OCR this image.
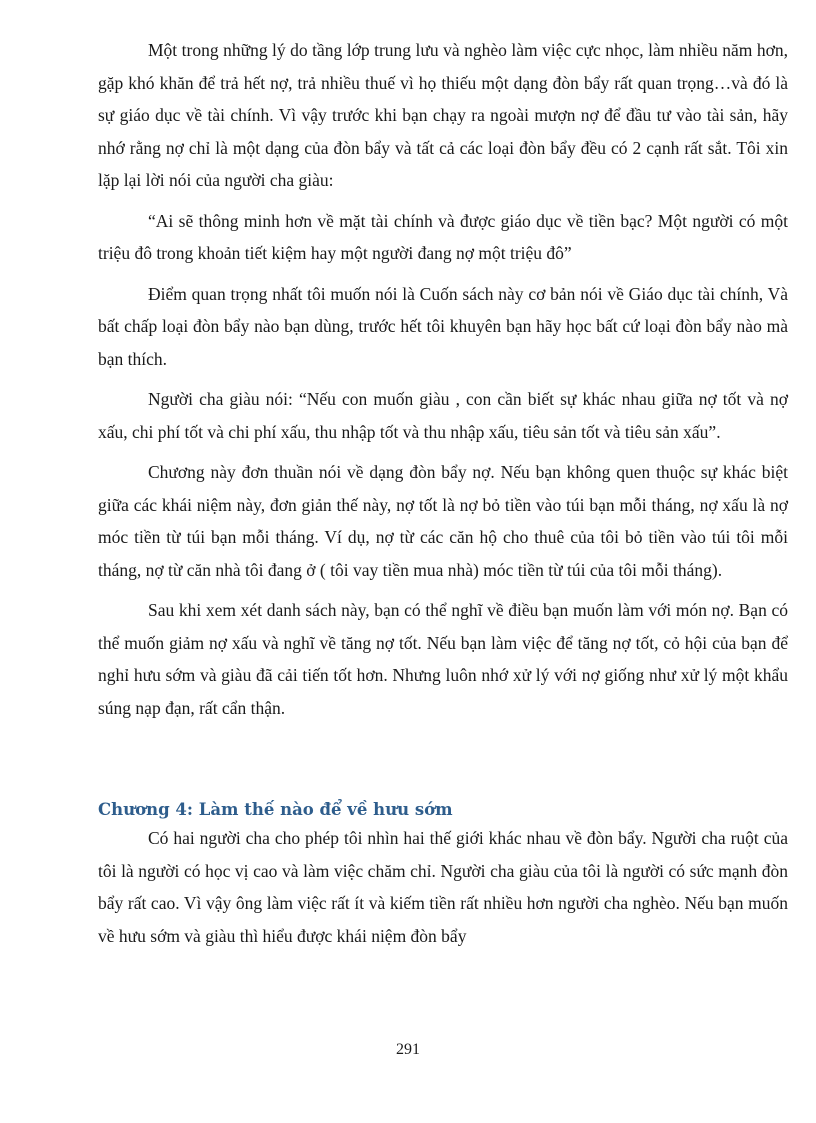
Một trong những lý do tầng lớp trung lưu và nghèo làm việc cực nhọc, làm nhiều năm hơn, gặp khó khăn để trả hết nợ, trả nhiều thuế vì họ thiếu một dạng đòn bẩy rất quan trọng…và đó là sự giáo dục về tài chính. Vì vậy trước khi bạn chạy ra ngoài mượn nợ để đầu tư vào tài sản, hãy nhớ rằng nợ chỉ là một dạng của đòn bẩy và tất cả các loại đòn bẩy đều có 2 cạnh rất sắt. Tôi xin lặp lại lời nói của người cha giàu:

“Ai sẽ thông minh hơn về mặt tài chính và được giáo dục về tiền bạc? Một người có một triệu đô trong khoản tiết kiệm hay một người đang nợ một triệu đô”

Điểm quan trọng nhất tôi muốn nói là Cuốn sách này cơ bản nói về Giáo dục tài chính, Và bất chấp loại đòn bẩy nào bạn dùng, trước hết tôi khuyên bạn hãy học bất cứ loại đòn bẩy nào mà bạn thích.

Người cha giàu nói: “Nếu con muốn giàu , con cần biết sự khác nhau giữa nợ tốt và nợ xấu, chi phí tốt và chi phí xấu, thu nhập tốt và thu nhập xấu, tiêu sản tốt và tiêu sản xấu”.

Chương này đơn thuần nói về dạng đòn bẩy nợ. Nếu bạn không quen thuộc sự khác biệt giữa các khái niệm này, đơn giản thế này, nợ tốt là nợ bỏ tiền vào túi bạn mỗi tháng, nợ xấu là nợ móc tiền từ túi bạn mỗi tháng. Ví dụ, nợ từ các căn hộ cho thuê của tôi bỏ tiền vào túi tôi mỗi tháng, nợ từ căn nhà tôi đang ở ( tôi vay tiền mua nhà) móc tiền từ túi của tôi mỗi tháng).

Sau khi xem xét danh sách này, bạn có thể nghĩ về điều bạn muốn làm với món nợ. Bạn có thể muốn giảm nợ xấu và nghĩ về tăng nợ tốt. Nếu bạn làm việc để tăng nợ tốt, cỏ hội của bạn để nghỉ hưu sớm và giàu đã cải tiến tốt hơn. Nhưng luôn nhớ xử lý với nợ giống như xử lý một khẩu súng nạp đạn, rất cẩn thận.

Chương 4: Làm thế nào để về hưu sớm

Có hai người cha cho phép tôi nhìn hai thế giới khác nhau về đòn bẩy. Người cha ruột của tôi là người có học vị cao và làm việc chăm chỉ. Người cha giàu của tôi là người có sức mạnh đòn bẩy rất cao. Vì vậy ông làm việc rất ít và kiếm tiền rất nhiều hơn người cha nghèo. Nếu bạn muốn về hưu sớm và giàu thì hiểu được khái niệm đòn bẩy

291
